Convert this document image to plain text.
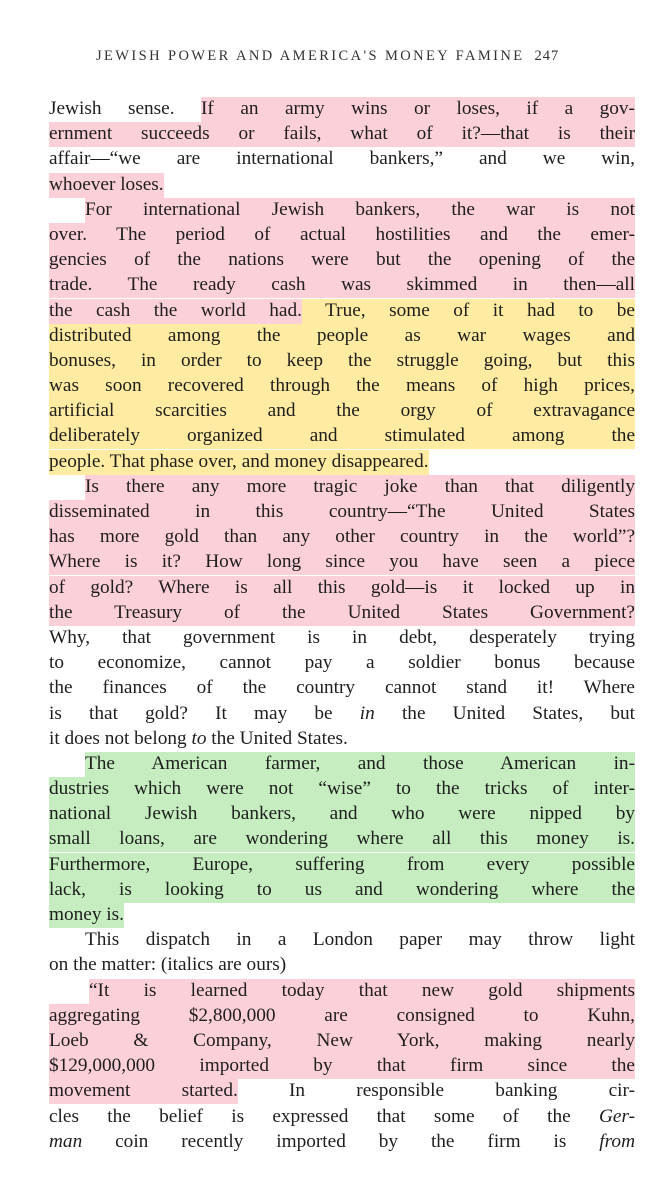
JEWISH POWER AND AMERICA'S MONEY FAMINE 247
Jewish sense. If an army wins or loses, if a gov-
ernment succeeds or fails, what of it?—that is their
affair—“we are international bankers,” and we win,
whoever loses.
For international Jewish bankers, the war is not
over. The period of actual hostilities and the emer-
gencies of the nations were but the opening of the
trade. The ready cash was skimmed in then—all
the cash the world had. True, some of it had to be
distributed among the people as war wages and
bonuses, in order to keep the struggle going, but this
was soon recovered through the means of high prices,
artificial scarcities and the orgy of extravagance
deliberately organized and stimulated among the
people. That phase over, and money disappeared.
Is there any more tragic joke than that diligently
disseminated in this country—“The United States
has more gold than any other country in the world”?
Where is it? How long since you have seen a piece
of gold? Where is all this gold—is it locked up in
the Treasury of the United States Government?
Why, that government is in debt, desperately trying
to economize, cannot pay a soldier bonus because
the finances of the country cannot stand it! Where
is that gold? It may be in the United States, but
it does not belong to the United States.
The American farmer, and those American in-
dustries which were not “wise” to the tricks of inter-
national Jewish bankers, and who were nipped by
small loans, are wondering where all this money is.
Furthermore, Europe, suffering from every possible
lack, is looking to us and wondering where the
money is.
This dispatch in a London paper may throw light
on the matter: (italics are ours)
“It is learned today that new gold shipments
aggregating $2,800,000 are consigned to Kuhn,
Loeb & Company, New York, making nearly
$129,000,000 imported by that firm since the
movement started. In responsible banking cir-
cles the belief is expressed that some of the Ger-
man coin recently imported by the firm is from
